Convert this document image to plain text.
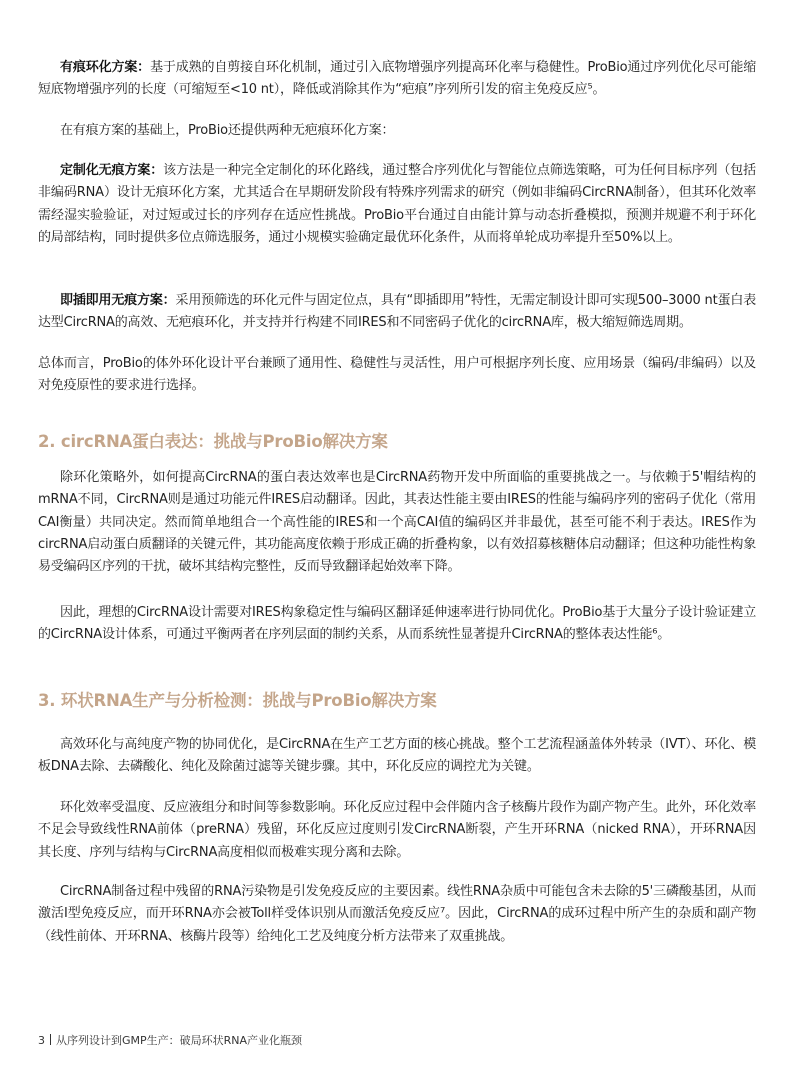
有痕环化方案：基于成熟的自剪接自环化机制，通过引入底物增强序列提高环化率与稳健性。ProBio通过序列优化尽可能缩短底物增强序列的长度（可缩短至<10 nt），降低或消除其作为“疤痕”序列所引发的宿主免疫反应⁵。

在有痕方案的基础上，ProBio还提供两种无疤痕环化方案：

定制化无痕方案：该方法是一种完全定制化的环化路线，通过整合序列优化与智能位点筛选策略，可为任何目标序列（包括非编码RNA）设计无痕环化方案，尤其适合在早期研发阶段有特殊序列需求的研究（例如非编码CircRNA制备），但其环化效率需经湿实验验证，对过短或过长的序列存在适应性挑战。ProBio平台通过自由能计算与动态折叠模拟，预测并规避不利于环化的局部结构，同时提供多位点筛选服务，通过小规模实验确定最优环化条件，从而将单轮成功率提升至50%以上。

即插即用无痕方案：采用预筛选的环化元件与固定位点，具有“即插即用”特性，无需定制设计即可实现500–3000 nt蛋白表达型CircRNA的高效、无疤痕环化，并支持并行构建不同IRES和不同密码子优化的circRNA库，极大缩短筛选周期。

总体而言，ProBio的体外环化设计平台兼顾了通用性、稳健性与灵活性，用户可根据序列长度、应用场景（编码/非编码）以及对免疫原性的要求进行选择。

2. circRNA蛋白表达：挑战与ProBio解决方案

除环化策略外，如何提高CircRNA的蛋白表达效率也是CircRNA药物开发中所面临的重要挑战之一。与依赖于5'帽结构的mRNA不同，CircRNA则是通过功能元件IRES启动翻译。因此，其表达性能主要由IRES的性能与编码序列的密码子优化（常用CAI衡量）共同决定。然而简单地组合一个高性能的IRES和一个高CAI值的编码区并非最优，甚至可能不利于表达。IRES作为circRNA启动蛋白质翻译的关键元件，其功能高度依赖于形成正确的折叠构象，以有效招募核糖体启动翻译；但这种功能性构象易受编码区序列的干扰，破坏其结构完整性，反而导致翻译起始效率下降。

因此，理想的CircRNA设计需要对IRES构象稳定性与编码区翻译延伸速率进行协同优化。ProBio基于大量分子设计验证建立的CircRNA设计体系，可通过平衡两者在序列层面的制约关系，从而系统性显著提升CircRNA的整体表达性能⁶。

3. 环状RNA生产与分析检测：挑战与ProBio解决方案

高效环化与高纯度产物的协同优化，是CircRNA在生产工艺方面的核心挑战。整个工艺流程涵盖体外转录（IVT）、环化、模板DNA去除、去磷酸化、纯化及除菌过滤等关键步骤。其中，环化反应的调控尤为关键。

环化效率受温度、反应液组分和时间等参数影响。环化反应过程中会伴随内含子核酶片段作为副产物产生。此外，环化效率不足会导致线性RNA前体（preRNA）残留，环化反应过度则引发CircRNA断裂，产生开环RNA（nicked RNA），开环RNA因其长度、序列与结构与CircRNA高度相似而极难实现分离和去除。

CircRNA制备过程中残留的RNA污染物是引发免疫反应的主要因素。线性RNA杂质中可能包含未去除的5'三磷酸基团，从而激活I型免疫反应，而开环RNA亦会被Toll样受体识别从而激活免疫反应⁷。因此，CircRNA的成环过程中所产生的杂质和副产物（线性前体、开环RNA、核酶片段等）给纯化工艺及纯度分析方法带来了双重挑战。

3 从序列设计到GMP生产：破局环状RNA产业化瓶颈
